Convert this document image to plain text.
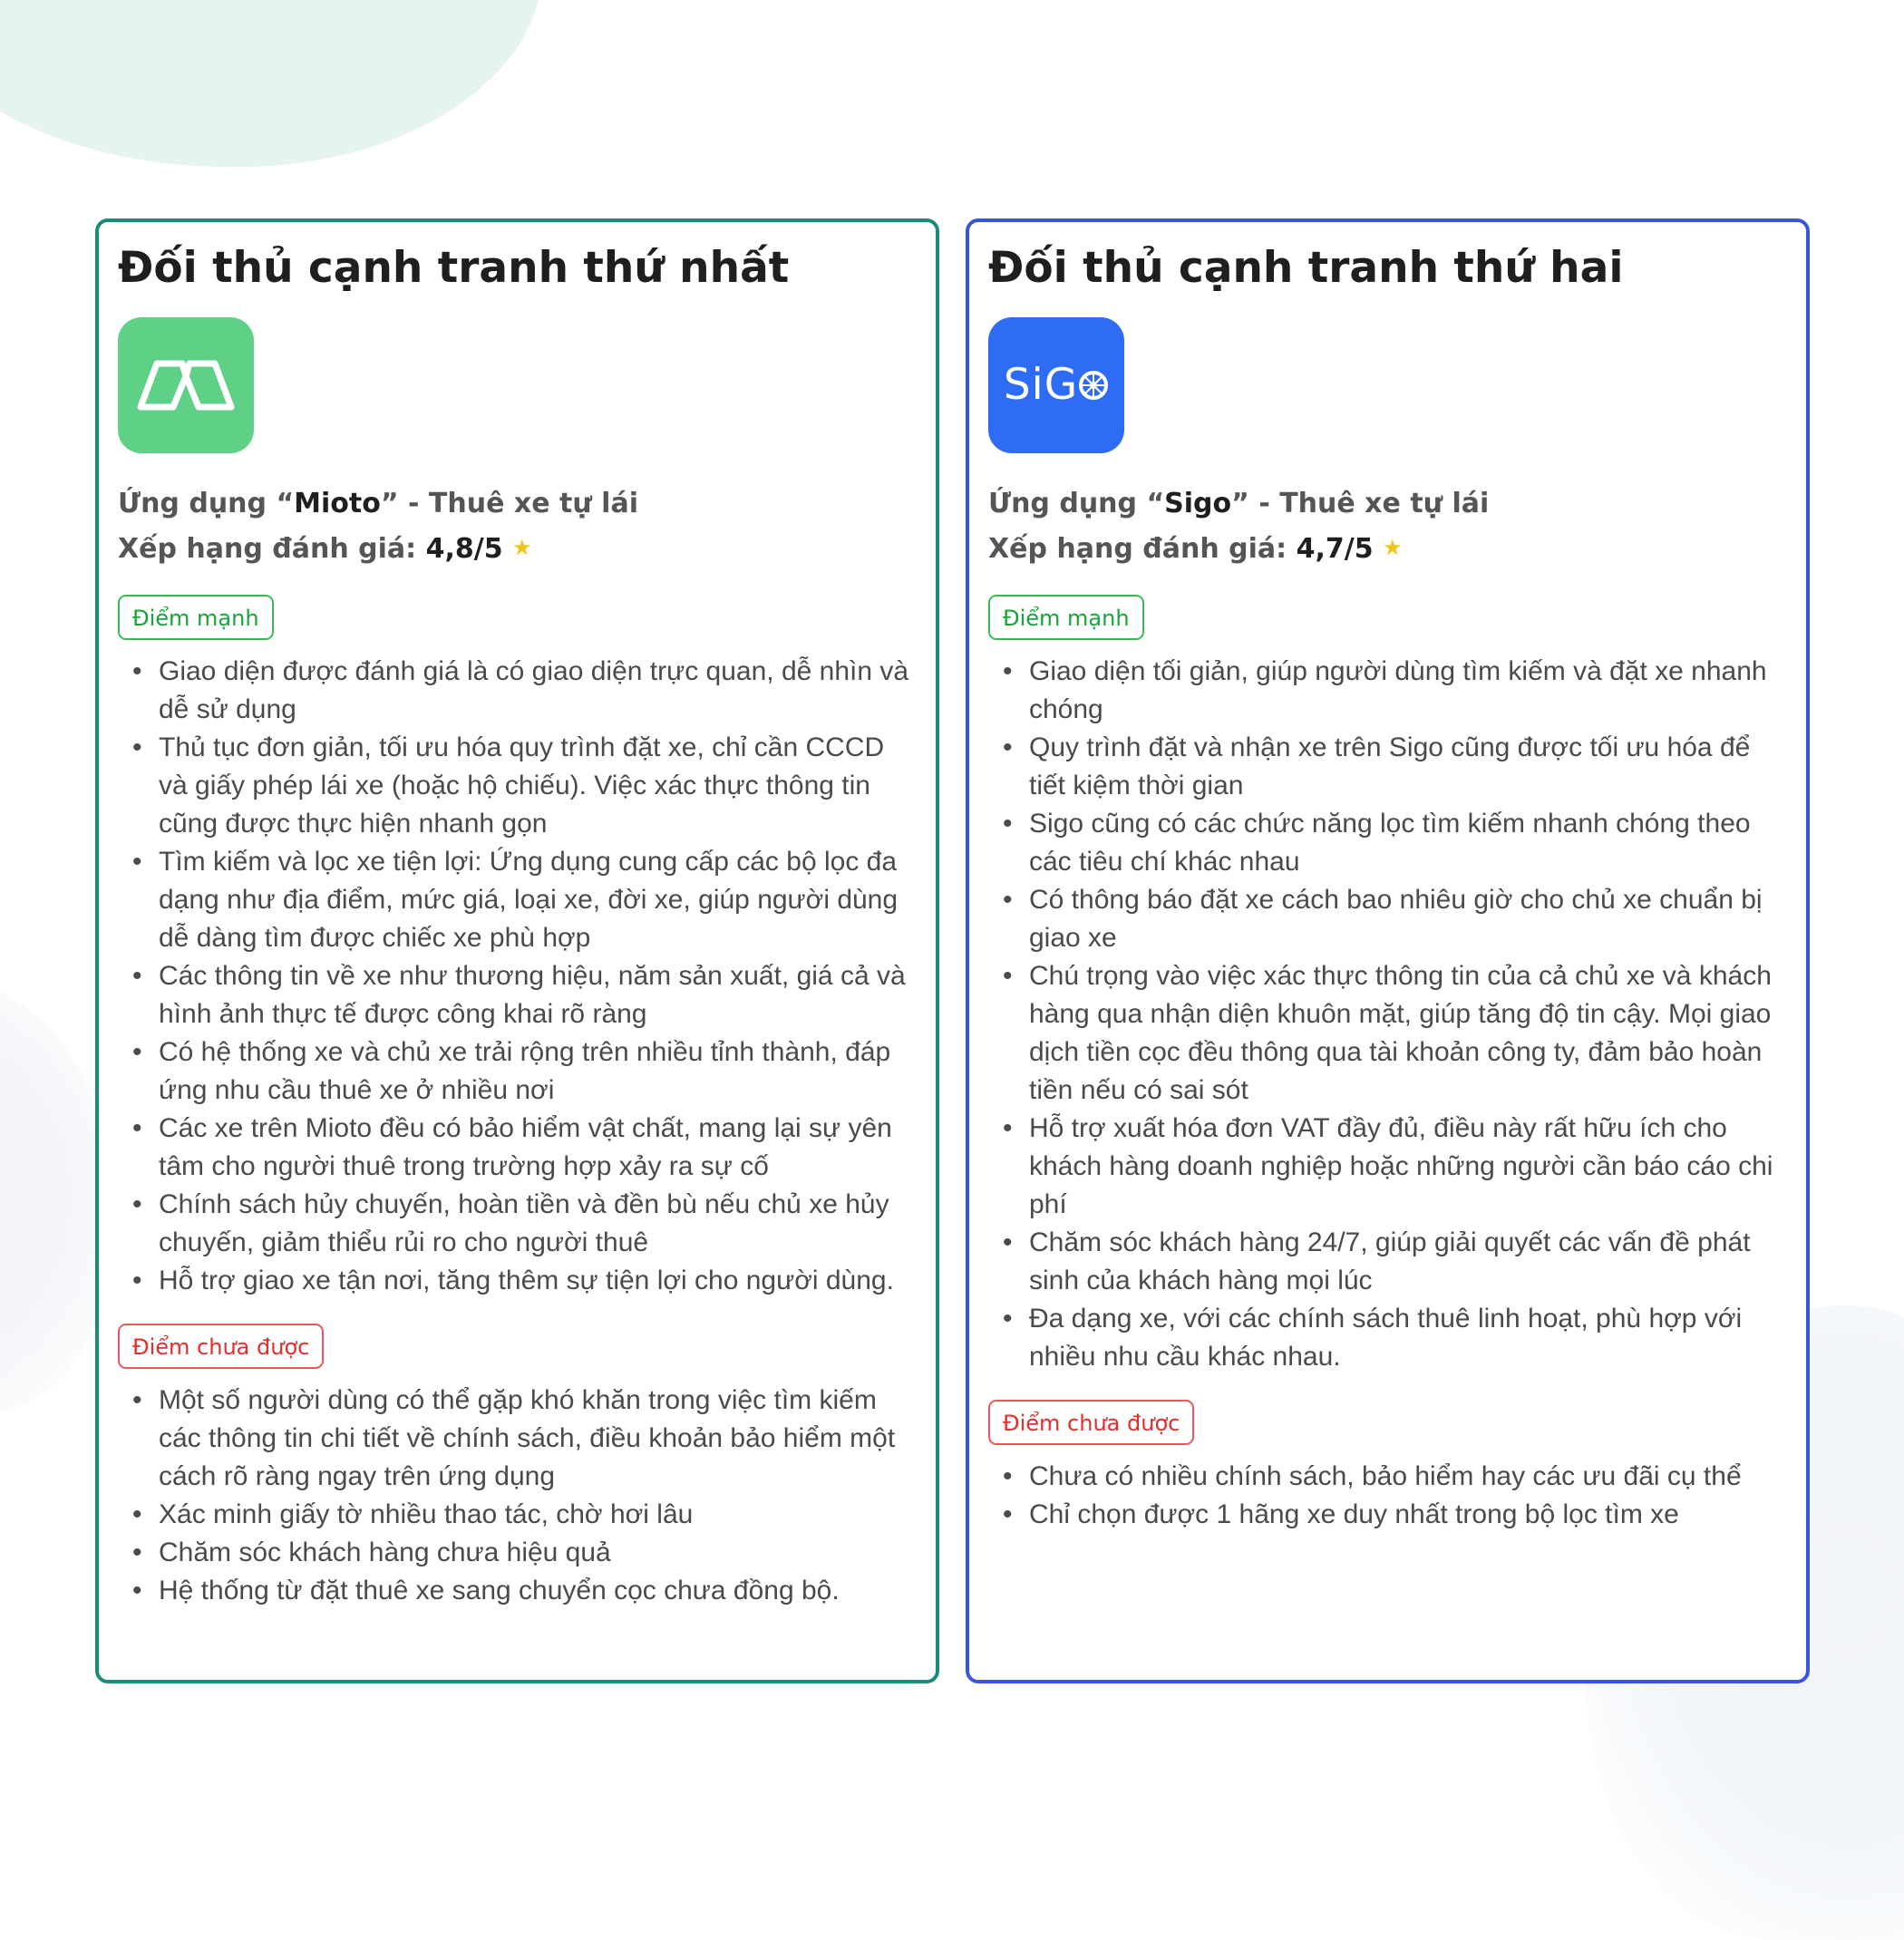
Đối thủ cạnh tranh thứ nhất
Ứng dụng “Mioto” - Thuê xe tự lái
Xếp hạng đánh giá: 4,8/5 ★
Điểm mạnh
• Giao diện được đánh giá là có giao diện trực quan, dễ nhìn và dễ sử dụng
• Thủ tục đơn giản, tối ưu hóa quy trình đặt xe, chỉ cần CCCD và giấy phép lái xe (hoặc hộ chiếu). Việc xác thực thông tin cũng được thực hiện nhanh gọn
• Tìm kiếm và lọc xe tiện lợi: Ứng dụng cung cấp các bộ lọc đa dạng như địa điểm, mức giá, loại xe, đời xe, giúp người dùng dễ dàng tìm được chiếc xe phù hợp
• Các thông tin về xe như thương hiệu, năm sản xuất, giá cả và hình ảnh thực tế được công khai rõ ràng
• Có hệ thống xe và chủ xe trải rộng trên nhiều tỉnh thành, đáp ứng nhu cầu thuê xe ở nhiều nơi
• Các xe trên Mioto đều có bảo hiểm vật chất, mang lại sự yên tâm cho người thuê trong trường hợp xảy ra sự cố
• Chính sách hủy chuyến, hoàn tiền và đền bù nếu chủ xe hủy chuyến, giảm thiểu rủi ro cho người thuê
• Hỗ trợ giao xe tận nơi, tăng thêm sự tiện lợi cho người dùng.
Điểm chưa được
• Một số người dùng có thể gặp khó khăn trong việc tìm kiếm các thông tin chi tiết về chính sách, điều khoản bảo hiểm một cách rõ ràng ngay trên ứng dụng
• Xác minh giấy tờ nhiều thao tác, chờ hơi lâu
• Chăm sóc khách hàng chưa hiệu quả
• Hệ thống từ đặt thuê xe sang chuyển cọc chưa đồng bộ.
Đối thủ cạnh tranh thứ hai
SiG
Ứng dụng “Sigo” - Thuê xe tự lái
Xếp hạng đánh giá: 4,7/5 ★
Điểm mạnh
• Giao diện tối giản, giúp người dùng tìm kiếm và đặt xe nhanh chóng
• Quy trình đặt và nhận xe trên Sigo cũng được tối ưu hóa để tiết kiệm thời gian
• Sigo cũng có các chức năng lọc tìm kiếm nhanh chóng theo các tiêu chí khác nhau
• Có thông báo đặt xe cách bao nhiêu giờ cho chủ xe chuẩn bị giao xe
• Chú trọng vào việc xác thực thông tin của cả chủ xe và khách hàng qua nhận diện khuôn mặt, giúp tăng độ tin cậy. Mọi giao dịch tiền cọc đều thông qua tài khoản công ty, đảm bảo hoàn tiền nếu có sai sót
• Hỗ trợ xuất hóa đơn VAT đầy đủ, điều này rất hữu ích cho khách hàng doanh nghiệp hoặc những người cần báo cáo chi phí
• Chăm sóc khách hàng 24/7, giúp giải quyết các vấn đề phát sinh của khách hàng mọi lúc
• Đa dạng xe, với các chính sách thuê linh hoạt, phù hợp với nhiều nhu cầu khác nhau.
Điểm chưa được
• Chưa có nhiều chính sách, bảo hiểm hay các ưu đãi cụ thể
• Chỉ chọn được 1 hãng xe duy nhất trong bộ lọc tìm xe
